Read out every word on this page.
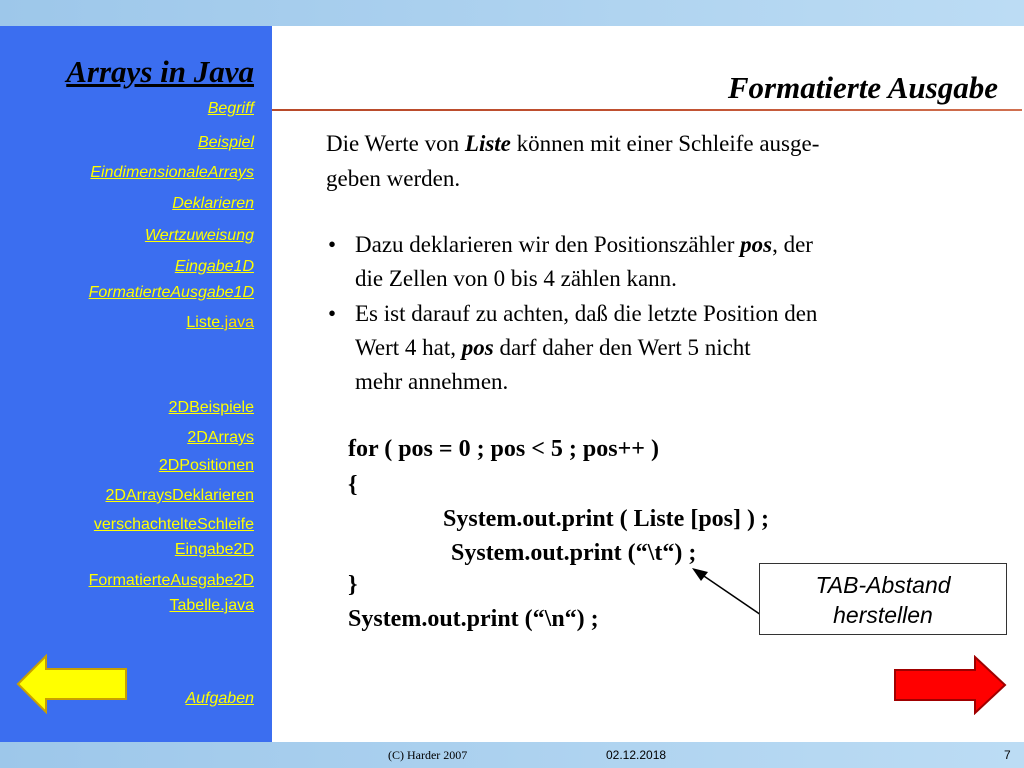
Arrays in Java
Begriff
Beispiel
EindimensionaleArrays
Deklarieren
Wertzuweisung
Eingabe1D
FormatierteAusgabe1D
Liste.java
2DBeispiele
2DArrays
2DPositionen
2DArraysDeklarieren
verschachtelteSchleife
Eingabe2D
FormatierteAusgabe2D
Tabelle.java
Aufgaben
Formatierte Ausgabe
Die Werte von Liste können mit einer Schleife ausge-
geben werden.
• Dazu deklarieren wir den Positionszähler pos, der
die Zellen von 0 bis 4 zählen kann.
• Es ist darauf zu achten, daß die letzte Position den
Wert 4 hat, pos darf daher den Wert 5 nicht
mehr annehmen.
for ( pos = 0 ; pos < 5 ; pos++ )
{
System.out.print ( Liste [pos] ) ;
System.out.print (“\t“) ;
}
System.out.print (“\n“) ;
TAB-Abstand
herstellen
(C) Harder 2007	02.12.2018	7
